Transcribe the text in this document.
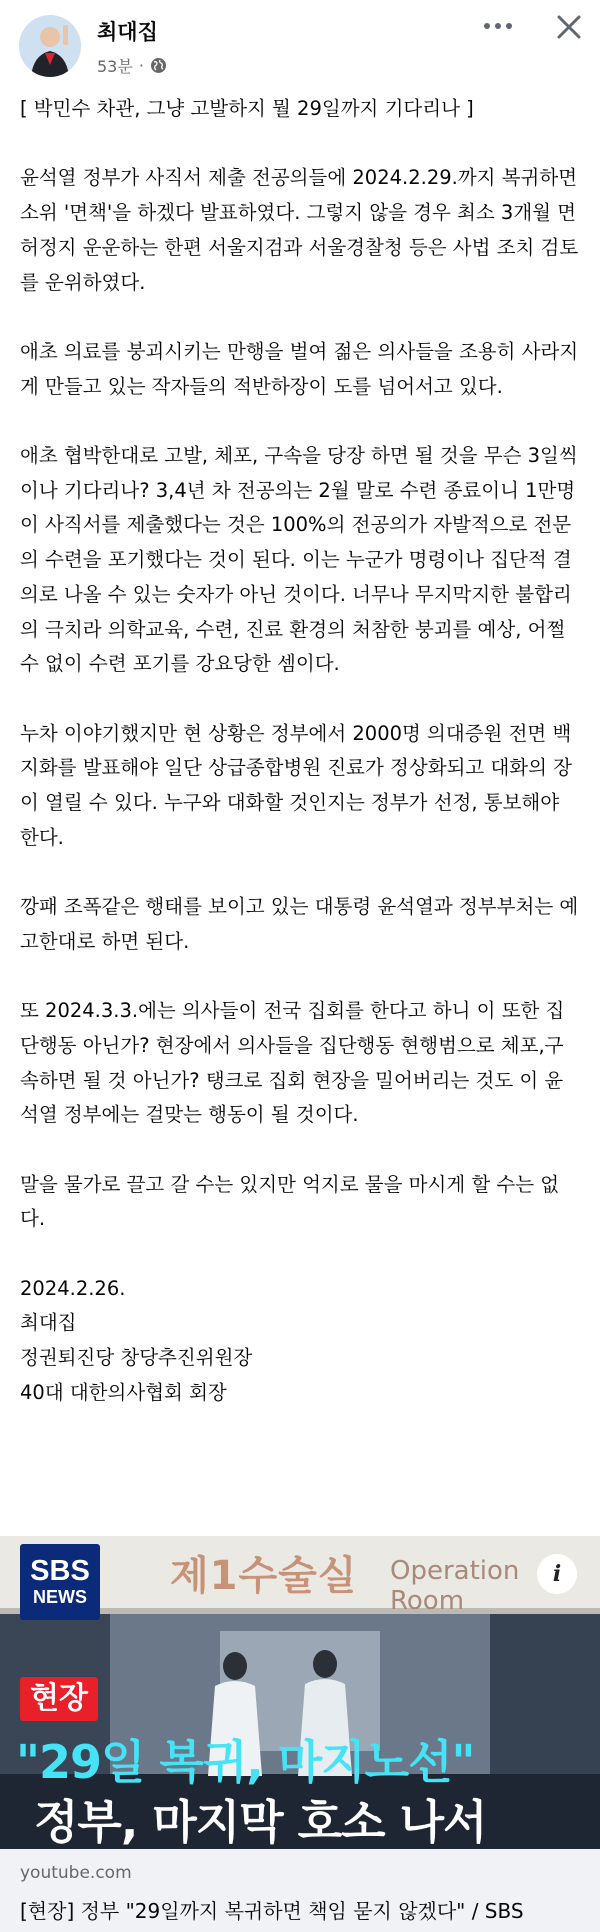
최대집
53분 ·

[ 박민수 차관, 그냥 고발하지 뭘 29일까지 기다리나 ]

윤석열 정부가 사직서 제출 전공의들에 2024.2.29.까지 복귀하면 소위 '면책'을 하겠다 발표하였다. 그렇지 않을 경우 최소 3개월 면허정지 운운하는 한편 서울지검과 서울경찰청 등은 사법 조치 검토를 운위하였다.

애초 의료를 붕괴시키는 만행을 벌여 젊은 의사들을 조용히 사라지게 만들고 있는 작자들의 적반하장이 도를 넘어서고 있다.

애초 협박한대로 고발, 체포, 구속을 당장 하면 될 것을 무슨 3일씩이나 기다리나? 3,4년 차 전공의는 2월 말로 수련 종료이니 1만명이 사직서를 제출했다는 것은 100%의 전공의가 자발적으로 전문의 수련을 포기했다는 것이 된다. 이는 누군가 명령이나 집단적 결의로 나올 수 있는 숫자가 아닌 것이다. 너무나 무지막지한 불합리의 극치라 의학교육, 수련, 진료 환경의 처참한 붕괴를 예상, 어쩔 수 없이 수련 포기를 강요당한 셈이다.

누차 이야기했지만 현 상황은 정부에서 2000명 의대증원 전면 백지화를 발표해야 일단 상급종합병원 진료가 정상화되고 대화의 장이 열릴 수 있다. 누구와 대화할 것인지는 정부가 선정, 통보해야 한다.

깡패 조폭같은 행태를 보이고 있는 대통령 윤석열과 정부부처는 예고한대로 하면 된다.

또 2024.3.3.에는 의사들이 전국 집회를 한다고 하니 이 또한 집단행동 아닌가? 현장에서 의사들을 집단행동 현행범으로 체포,구속하면 될 것 아닌가? 탱크로 집회 현장을 밀어버리는 것도 이 윤석열 정부에는 걸맞는 행동이 될 것이다.

말을 물가로 끌고 갈 수는 있지만 억지로 물을 마시게 할 수는 없다.

2024.2.26.

최대집

정권퇴진당 창당추진위원장

40대 대한의사협회 회장

제1수술실 Operation Room
SBS
NEWS
i
현장
"29일 복귀, 마지노선"
정부, 마지막 호소 나서
youtube.com
[현장] 정부 "29일까지 복귀하면 책임 묻지 않겠다" / SBS
